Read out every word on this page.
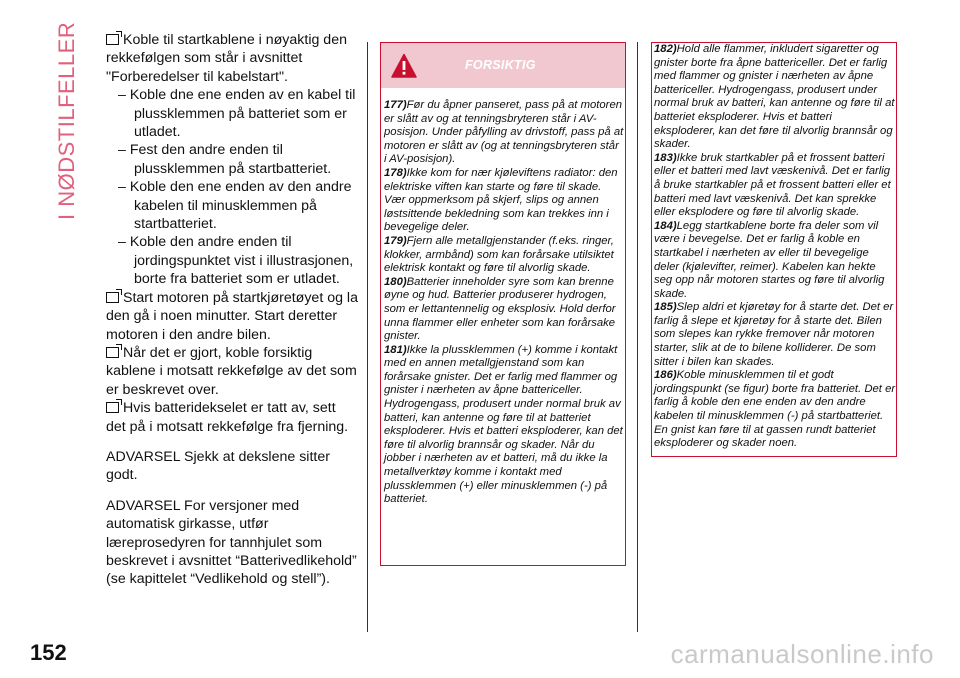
I NØDSTILFELLER	Koble til startkablene i nøyaktig den rekkefølgen som står i avsnittet "Forberedelser til kabelstart".

– Koble dne ene enden av en kabel til plussklemmen på batteriet som er utladet.

– Fest den andre enden til plussklemmen på startbatteriet.

– Koble den ene enden av den andre kabelen til minusklemmen på startbatteriet.

– Koble den andre enden til jordingspunktet vist i illustrasjonen, borte fra batteriet som er utladet.

Start motoren på startkjøretøyet og la den gå i noen minutter. Start deretter motoren i den andre bilen.

Når det er gjort, koble forsiktig kablene i motsatt rekkefølge av det som er beskrevet over.

Hvis batteridekselet er tatt av, sett det på i motsatt rekkefølge fra fjerning.

ADVARSEL Sjekk at dekslene sitter godt.

ADVARSEL For versjoner med automatisk girkasse, utfør læreprosedyren for tannhjulet som beskrevet i avsnittet “Batterivedlikehold” (se kapittelet “Vedlikehold og stell”).

FORSIKTIG
177)Før du åpner panseret, pass på at motoren er slått av og at tenningsbryteren står i AV-posisjon. Under påfylling av drivstoff, pass på at motoren er slått av (og at tenningsbryteren står i AV-posisjon).
178)Ikke kom for nær kjøleviftens radiator: den elektriske viften kan starte og føre til skade. Vær oppmerksom på skjerf, slips og annen løstsittende bekledning som kan trekkes inn i bevegelige deler.
179)Fjern alle metallgjenstander (f.eks. ringer, klokker, armbånd) som kan forårsake utilsiktet elektrisk kontakt og føre til alvorlig skade.
180)Batterier inneholder syre som kan brenne øyne og hud. Batterier produserer hydrogen, som er lettantennelig og eksplosiv. Hold derfor unna flammer eller enheter som kan forårsake gnister.
181)Ikke la plussklemmen (+) komme i kontakt med en annen metallgjenstand som kan forårsake gnister. Det er farlig med flammer og gnister i nærheten av åpne battericeller. Hydrogengass, produsert under normal bruk av batteri, kan antenne og føre til at batteriet eksploderer. Hvis et batteri eksploderer, kan det føre til alvorlig brannsår og skader. Når du jobber i nærheten av et batteri, må du ikke la metallverktøy komme i kontakt med plussklemmen (+) eller minusklemmen (-) på batteriet.
182)Hold alle flammer, inkludert sigaretter og gnister borte fra åpne battericeller. Det er farlig med flammer og gnister i nærheten av åpne battericeller. Hydrogengass, produsert under normal bruk av batteri, kan antenne og føre til at batteriet eksploderer. Hvis et batteri eksploderer, kan det føre til alvorlig brannsår og skader.
183)Ikke bruk startkabler på et frossent batteri eller et batteri med lavt væskenivå. Det er farlig å bruke startkabler på et frossent batteri eller et batteri med lavt væskenivå. Det kan sprekke eller eksplodere og føre til alvorlig skade.
184)Legg startkablene borte fra deler som vil være i bevegelse. Det er farlig å koble en startkabel i nærheten av eller til bevegelige deler (kjølevifter, reimer). Kabelen kan hekte seg opp når motoren startes og føre til alvorlig skade.
185)Slep aldri et kjøretøy for å starte det. Det er farlig å slepe et kjøretøy for å starte det. Bilen som slepes kan rykke fremover når motoren starter, slik at de to bilene kolliderer. De som sitter i bilen kan skades.
186)Koble minusklemmen til et godt jordingspunkt (se figur) borte fra batteriet. Det er farlig å koble den ene enden av den andre kabelen til minusklemmen (-) på startbatteriet. En gnist kan føre til at gassen rundt batteriet eksploderer og skader noen.
152	carmanualsonline.info
